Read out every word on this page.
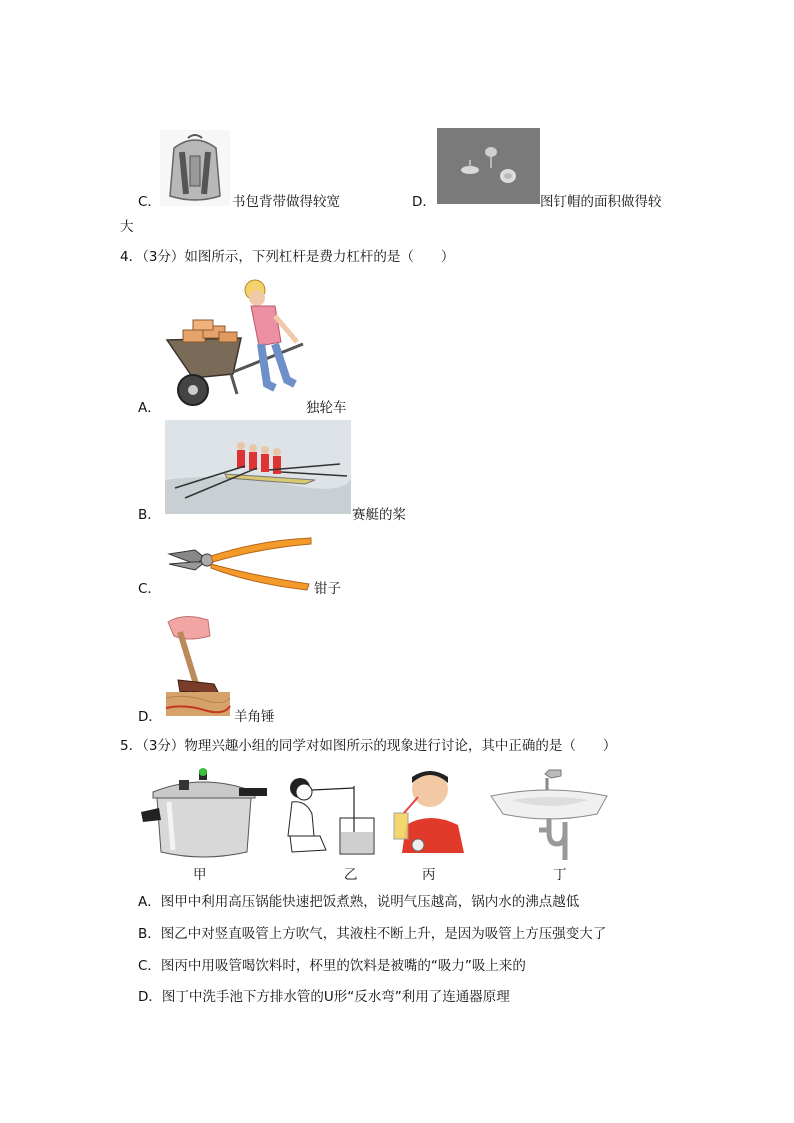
C．	书包背带做得较宽	D．	图钉帽的面积做得较
大
4．（3分）如图所示，下列杠杆是费力杠杆的是（　　）
A．	独轮车
B．	赛艇的桨
C．	钳子
D．	羊角锤
5．（3分）物理兴趣小组的同学对如图所示的现象进行讨论，其中正确的是（　　）
甲	乙	丙	丁
A．图甲中利用高压锅能快速把饭煮熟，说明气压越高，锅内水的沸点越低
B．图乙中对竖直吸管上方吹气，其液柱不断上升，是因为吸管上方压强变大了
C．图丙中用吸管喝饮料时，杯里的饮料是被嘴的“吸力”吸上来的
D．图丁中洗手池下方排水管的U形“反水弯”利用了连通器原理
